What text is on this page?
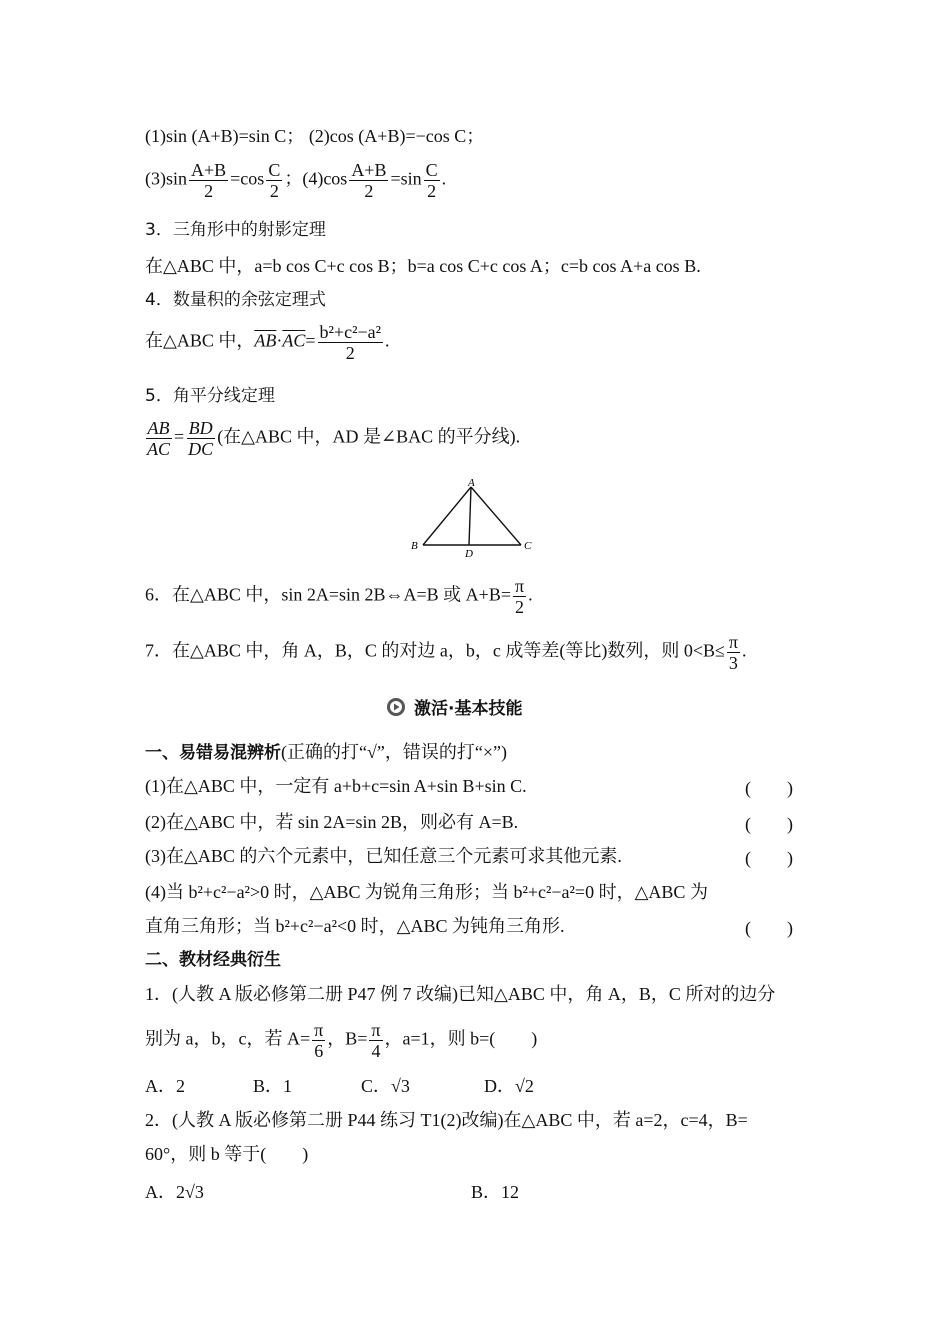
(1)sin (A+B)=sin C； (2)cos (A+B)=−cos C；
$(3)\sin \frac{A+B}{2} =\cos \frac{C}{2}$ ；$(4)\cos \frac{A+B}{2} =\sin \frac{C}{2}$ .
3．三角形中的射影定理
在△ABC 中，a=b cos C+c cos B；b=a cos C+c cos A；c=b cos A+a cos B.
4．数量积的余弦定理式
在△ABC 中，$\overline{AB}\cdot\overline{AC}= \frac{\text{b²+c²−a²}}{2}$ .
5．角平分线定理
$\frac{AB}{AC} = \frac{BD}{DC}$ (在△ABC 中，AD 是∠BAC 的平分线).
A
B	C
D
6．在△ABC 中，sin 2A=sin 2B⇔A=B 或 $A+B= \frac{\pi}{2}$ .
7．在△ABC 中，角 A，B，C 的对边 a，b，c 成等差(等比)数列，则 $0<B\le \frac{\pi}{3}$ .
激活·基本技能
一、易错易混辨析(正确的打“√”，错误的打“×”)
(1)在△ABC 中，一定有 a+b+c=sin A+sin B+sin C.	(　　)
(2)在△ABC 中，若 sin 2A=sin 2B，则必有 A=B.	(　　)
(3)在△ABC 的六个元素中，已知任意三个元素可求其他元素.	(　　)
(4)当 b²+c²−a²>0 时，△ABC 为锐角三角形；当 b²+c²−a²=0 时，△ABC 为
直角三角形；当 b²+c²−a²<0 时，△ABC 为钝角三角形.	(　　)
二、教材经典衍生
1．(人教 A 版必修第二册 P47 例 7 改编)已知△ABC 中，角 A，B，C 所对的边分
别为 a，b，c，若 $A= \frac{\pi}{6}$ ，$B= \frac{\pi}{4}$ ，a=1，则 b=(　　)
A．2	B．1	C．√3	D．√2
2．(人教 A 版必修第二册 P44 练习 T1(2)改编)在△ABC 中，若 a=2，c=4，B=
60°，则 b 等于(　　)
A．2√3	B．12
